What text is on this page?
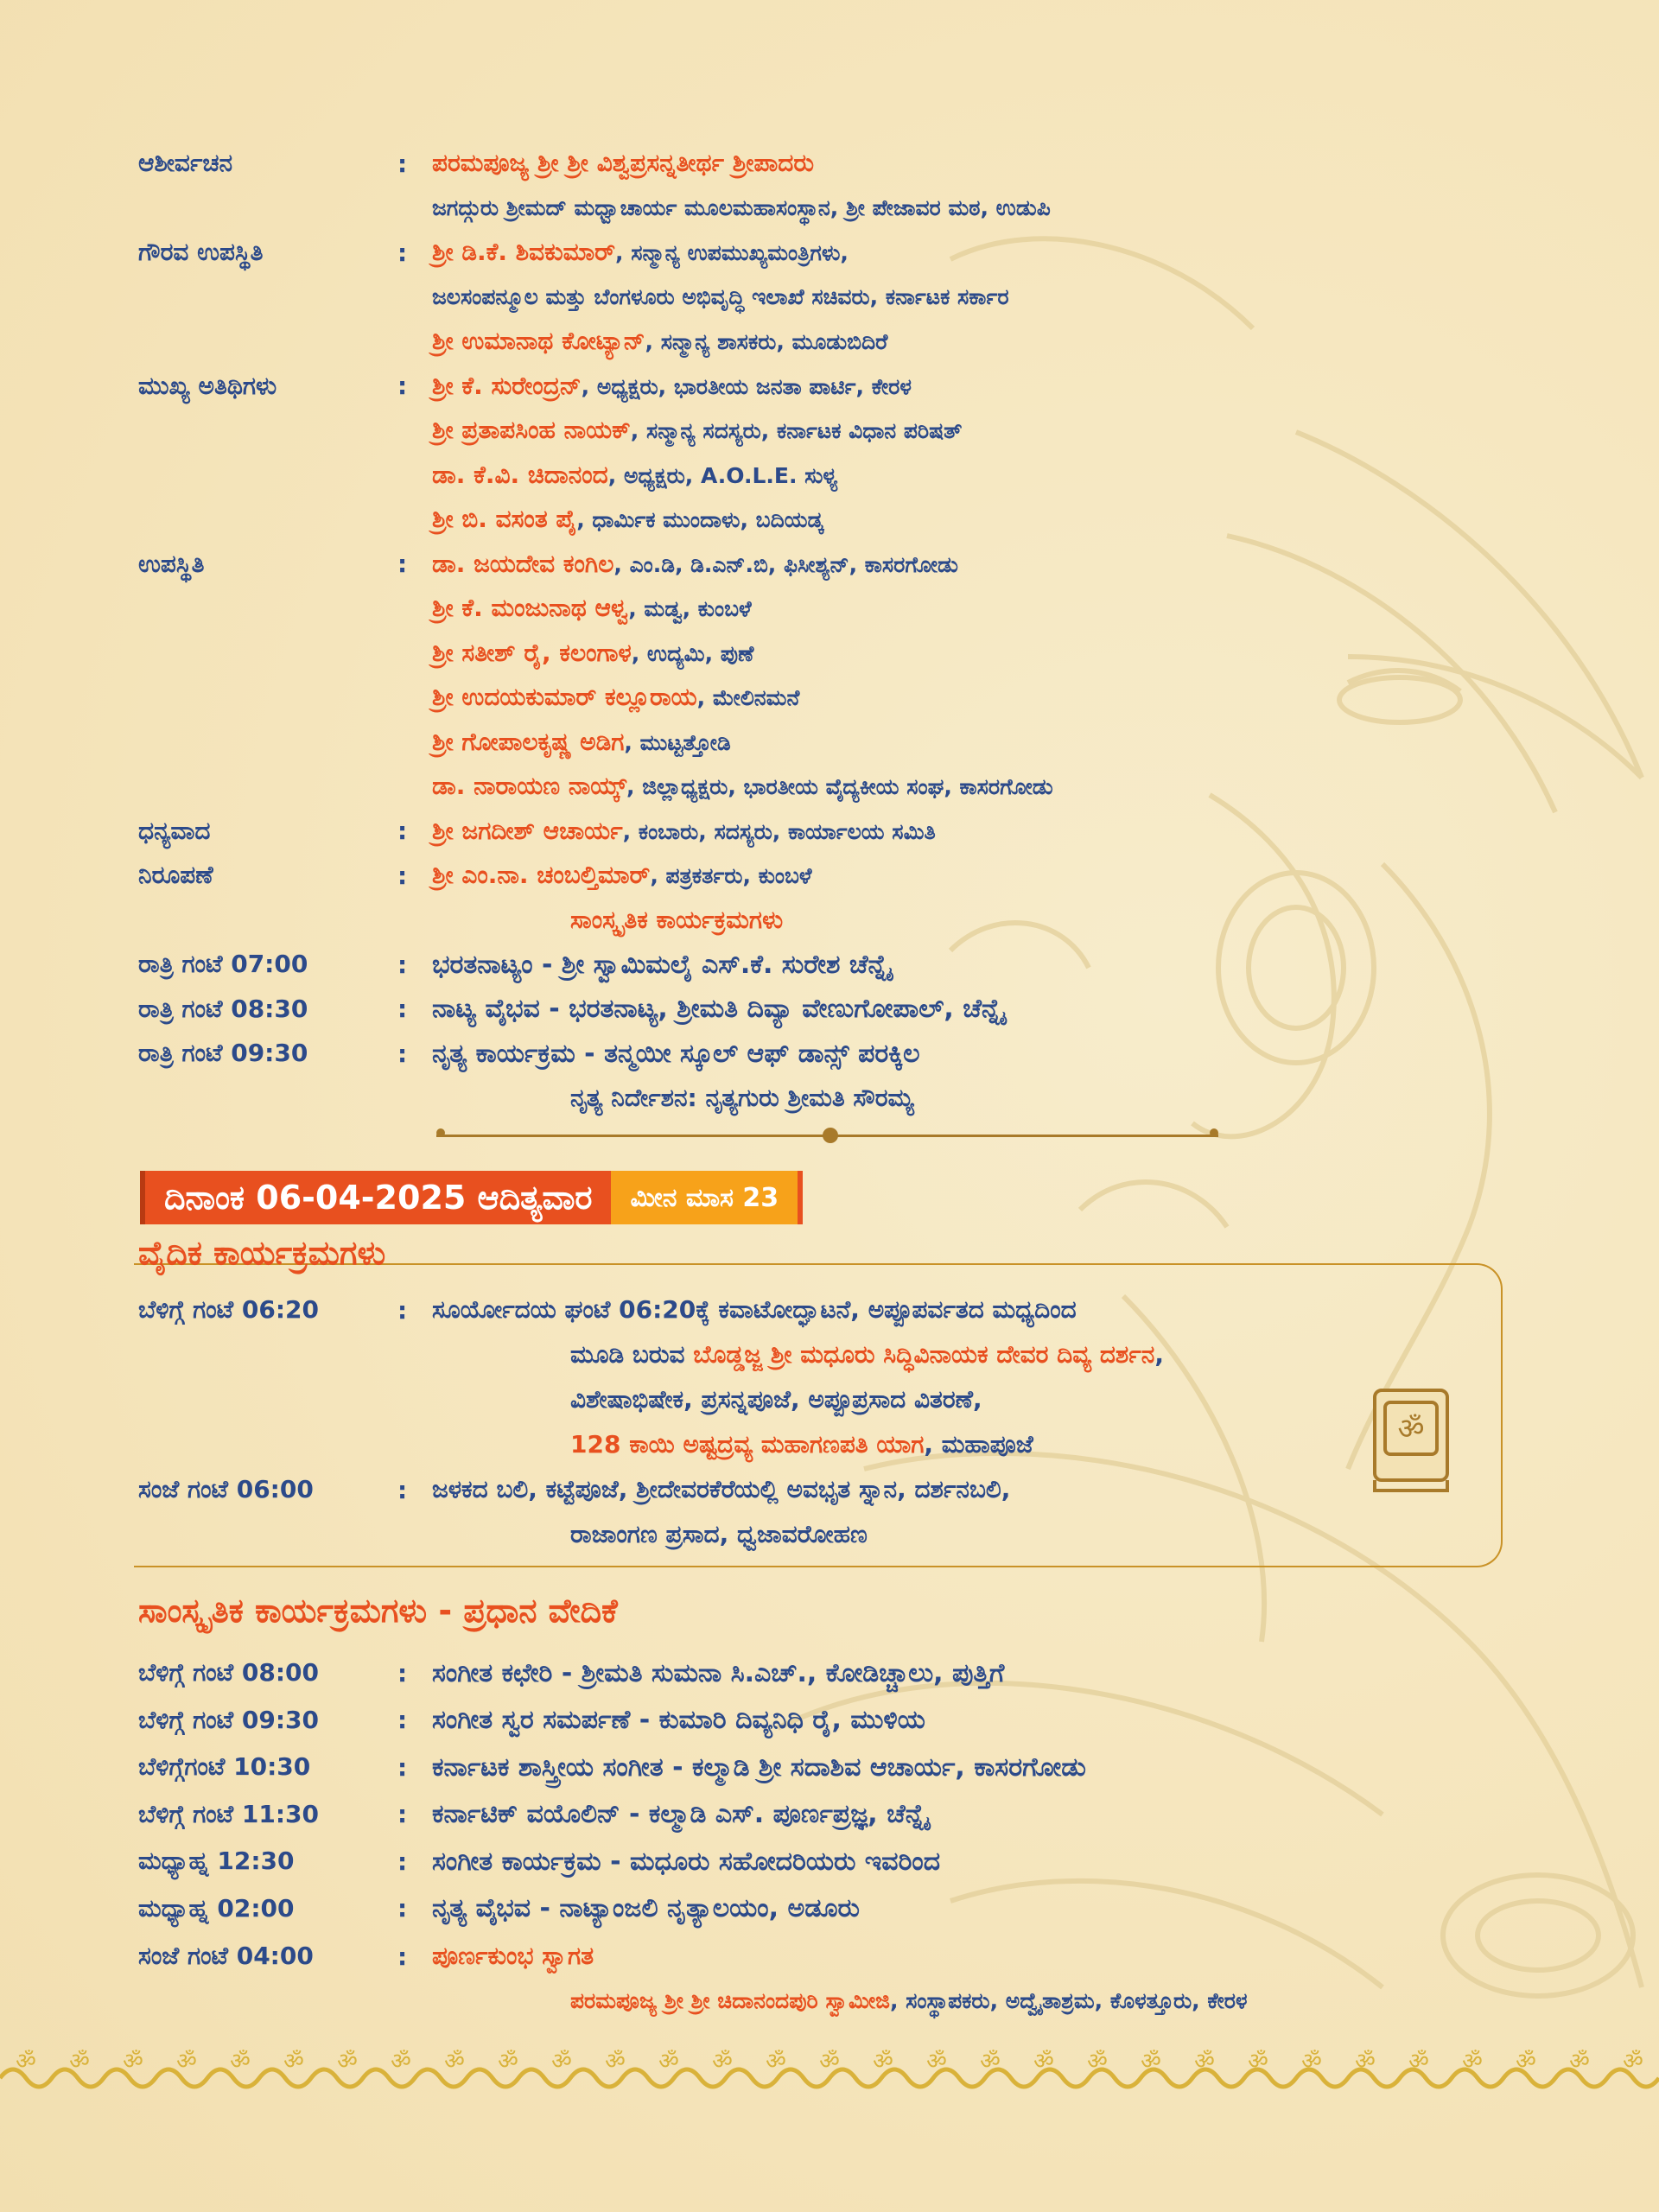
ಆಶೀರ್ವಚನ	:	ಪರಮಪೂಜ್ಯ ಶ್ರೀ ಶ್ರೀ ವಿಶ್ವಪ್ರಸನ್ನತೀರ್ಥ ಶ್ರೀಪಾದರು
ಜಗದ್ಗುರು ಶ್ರೀಮದ್ ಮಧ್ವಾಚಾರ್ಯ ಮೂಲಮಹಾಸಂಸ್ಥಾನ, ಶ್ರೀ ಪೇಜಾವರ ಮಠ, ಉಡುಪಿ
ಗೌರವ ಉಪಸ್ಥಿತಿ	:	ಶ್ರೀ ಡಿ.ಕೆ. ಶಿವಕುಮಾರ್, ಸನ್ಮಾನ್ಯ ಉಪಮುಖ್ಯಮಂತ್ರಿಗಳು,
ಜಲಸಂಪನ್ಮೂಲ ಮತ್ತು ಬೆಂಗಳೂರು ಅಭಿವೃದ್ಧಿ ಇಲಾಖೆ ಸಚಿವರು, ಕರ್ನಾಟಕ ಸರ್ಕಾರ
ಶ್ರೀ ಉಮಾನಾಥ ಕೋಟ್ಯಾನ್, ಸನ್ಮಾನ್ಯ ಶಾಸಕರು, ಮೂಡುಬಿದಿರೆ
ಮುಖ್ಯ ಅತಿಥಿಗಳು	:	ಶ್ರೀ ಕೆ. ಸುರೇಂದ್ರನ್, ಅಧ್ಯಕ್ಷರು, ಭಾರತೀಯ ಜನತಾ ಪಾರ್ಟಿ, ಕೇರಳ
ಶ್ರೀ ಪ್ರತಾಪಸಿಂಹ ನಾಯಕ್, ಸನ್ಮಾನ್ಯ ಸದಸ್ಯರು, ಕರ್ನಾಟಕ ವಿಧಾನ ಪರಿಷತ್
ಡಾ. ಕೆ.ವಿ. ಚಿದಾನಂದ, ಅಧ್ಯಕ್ಷರು, A.O.L.E. ಸುಳ್ಯ
ಶ್ರೀ ಬಿ. ವಸಂತ ಪೈ, ಧಾರ್ಮಿಕ ಮುಂದಾಳು, ಬದಿಯಡ್ಕ
ಉಪಸ್ಥಿತಿ	:	ಡಾ. ಜಯದೇವ ಕಂಗಿಲ, ಎಂ.ಡಿ, ಡಿ.ಎನ್.ಬಿ, ಫಿಸೀಶ್ಯನ್, ಕಾಸರಗೋಡು
ಶ್ರೀ ಕೆ. ಮಂಜುನಾಥ ಆಳ್ವ, ಮಡ್ವ, ಕುಂಬಳೆ
ಶ್ರೀ ಸತೀಶ್ ರೈ, ಕಲಂಗಾಳ, ಉದ್ಯಮಿ, ಪುಣೆ
ಶ್ರೀ ಉದಯಕುಮಾರ್ ಕಲ್ಲೂರಾಯ, ಮೇಲಿನಮನೆ
ಶ್ರೀ ಗೋಪಾಲಕೃಷ್ಣ ಅಡಿಗ, ಮುಟ್ಟತ್ತೋಡಿ
ಡಾ. ನಾರಾಯಣ ನಾಯ್ಕ್, ಜಿಲ್ಲಾಧ್ಯಕ್ಷರು, ಭಾರತೀಯ ವೈದ್ಯಕೀಯ ಸಂಘ, ಕಾಸರಗೋಡು
ಧನ್ಯವಾದ	:	ಶ್ರೀ ಜಗದೀಶ್ ಆಚಾರ್ಯ, ಕಂಬಾರು, ಸದಸ್ಯರು, ಕಾರ್ಯಾಲಯ ಸಮಿತಿ
ನಿರೂಪಣೆ	:	ಶ್ರೀ ಎಂ.ನಾ. ಚಂಬಲ್ತಿಮಾರ್, ಪತ್ರಕರ್ತರು, ಕುಂಬಳೆ
ಸಾಂಸ್ಕೃತಿಕ ಕಾರ್ಯಕ್ರಮಗಳು
ರಾತ್ರಿ ಗಂಟೆ 07:00	: ಭರತನಾಟ್ಯಂ - ಶ್ರೀ ಸ್ವಾಮಿಮಲೈ ಎಸ್.ಕೆ. ಸುರೇಶ ಚೆನ್ನೈ
ರಾತ್ರಿ ಗಂಟೆ 08:30	: ನಾಟ್ಯ ವೈಭವ - ಭರತನಾಟ್ಯ, ಶ್ರೀಮತಿ ದಿವ್ಯಾ ವೇಣುಗೋಪಾಲ್, ಚೆನ್ನೈ
ರಾತ್ರಿ ಗಂಟೆ 09:30	: ನೃತ್ಯ ಕಾರ್ಯಕ್ರಮ - ತನ್ಮಯೀ ಸ್ಕೂಲ್ ಆಫ್ ಡಾನ್ಸ್ ಪರಕ್ಕಿಲ
ನೃತ್ಯ ನಿರ್ದೇಶನ: ನೃತ್ಯಗುರು ಶ್ರೀಮತಿ ಸೌರಮ್ಯ
ದಿನಾಂಕ 06-04-2025 ಆದಿತ್ಯವಾರ	ಮೀನ ಮಾಸ 23
ವೈದಿಕ ಕಾರ್ಯಕ್ರಮಗಳು
ಬೆಳಿಗ್ಗೆ ಗಂಟೆ 06:20	:	ಸೂರ್ಯೋದಯ ಘಂಟೆ 06:20ಕ್ಕೆ ಕವಾಟೋದ್ಘಾಟನೆ, ಅಪ್ಪೂಪರ್ವತದ ಮಧ್ಯದಿಂದ
ಮೂಡಿ ಬರುವ ಬೊಡ್ಡಜ್ಜ ಶ್ರೀ ಮಧೂರು ಸಿದ್ಧಿವಿನಾಯಕ ದೇವರ ದಿವ್ಯ ದರ್ಶನ,
ವಿಶೇಷಾಭಿಷೇಕ, ಪ್ರಸನ್ನಪೂಜೆ, ಅಪ್ಪೂಪ್ರಸಾದ ವಿತರಣೆ,
128 ಕಾಯಿ ಅಷ್ಟದ್ರವ್ಯ ಮಹಾಗಣಪತಿ ಯಾಗ, ಮಹಾಪೂಜೆ
ಸಂಜೆ ಗಂಟೆ 06:00	:	ಜಳಕದ ಬಲಿ, ಕಟ್ಟೆಪೂಜೆ, ಶ್ರೀದೇವರಕೆರೆಯಲ್ಲಿ ಅವಭೃತ ಸ್ನಾನ, ದರ್ಶನಬಲಿ,
ರಾಜಾಂಗಣ ಪ್ರಸಾದ, ಧ್ವಜಾವರೋಹಣ
ॐ
ಸಾಂಸ್ಕೃತಿಕ ಕಾರ್ಯಕ್ರಮಗಳು - ಪ್ರಧಾನ ವೇದಿಕೆ
ಬೆಳಿಗ್ಗೆ ಗಂಟೆ 08:00	: ಸಂಗೀತ ಕಛೇರಿ - ಶ್ರೀಮತಿ ಸುಮನಾ ಸಿ.ಎಚ್., ಕೋಡಿಚ್ಚಾಲು, ಪುತ್ತಿಗೆ
ಬೆಳಿಗ್ಗೆ ಗಂಟೆ 09:30	: ಸಂಗೀತ ಸ್ವರ ಸಮರ್ಪಣೆ - ಕುಮಾರಿ ದಿವ್ಯನಿಧಿ ರೈ, ಮುಳಿಯ
ಬೆಳಿಗ್ಗೆಗಂಟೆ 10:30	: ಕರ್ನಾಟಕ ಶಾಸ್ತ್ರೀಯ ಸಂಗೀತ - ಕಲ್ಮಾಡಿ ಶ್ರೀ ಸದಾಶಿವ ಆಚಾರ್ಯ, ಕಾಸರಗೋಡು
ಬೆಳಿಗ್ಗೆ ಗಂಟೆ 11:30	: ಕರ್ನಾಟಿಕ್ ವಯೊಲಿನ್ - ಕಲ್ಮಾಡಿ ಎಸ್. ಪೂರ್ಣಪ್ರಜ್ಞ, ಚೆನ್ನೈ
ಮಧ್ಯಾಹ್ನ 12:30	: ಸಂಗೀತ ಕಾರ್ಯಕ್ರಮ - ಮಧೂರು ಸಹೋದರಿಯರು ಇವರಿಂದ
ಮಧ್ಯಾಹ್ನ 02:00	: ನೃತ್ಯ ವೈಭವ - ನಾಟ್ಯಾಂಜಲಿ ನೃತ್ಯಾಲಯಂ, ಅಡೂರು
ಸಂಜೆ ಗಂಟೆ 04:00	:	ಪೂರ್ಣಕುಂಭ ಸ್ವಾಗತ
ಪರಮಪೂಜ್ಯ ಶ್ರೀ ಶ್ರೀ ಚಿದಾನಂದಪುರಿ ಸ್ವಾಮೀಜಿ, ಸಂಸ್ಥಾಪಕರು, ಅದ್ವೈತಾಶ್ರಮ, ಕೊಳತ್ತೂರು, ಕೇರಳ
ॐ ॐ ॐ ॐ ॐ ॐ ॐ ॐ ॐ ॐ ॐ ॐ ॐ ॐ ॐ ॐ ॐ ॐ ॐ ॐ ॐ ॐ ॐ ॐ ॐ ॐ ॐ ॐ ॐ ॐ ॐ
